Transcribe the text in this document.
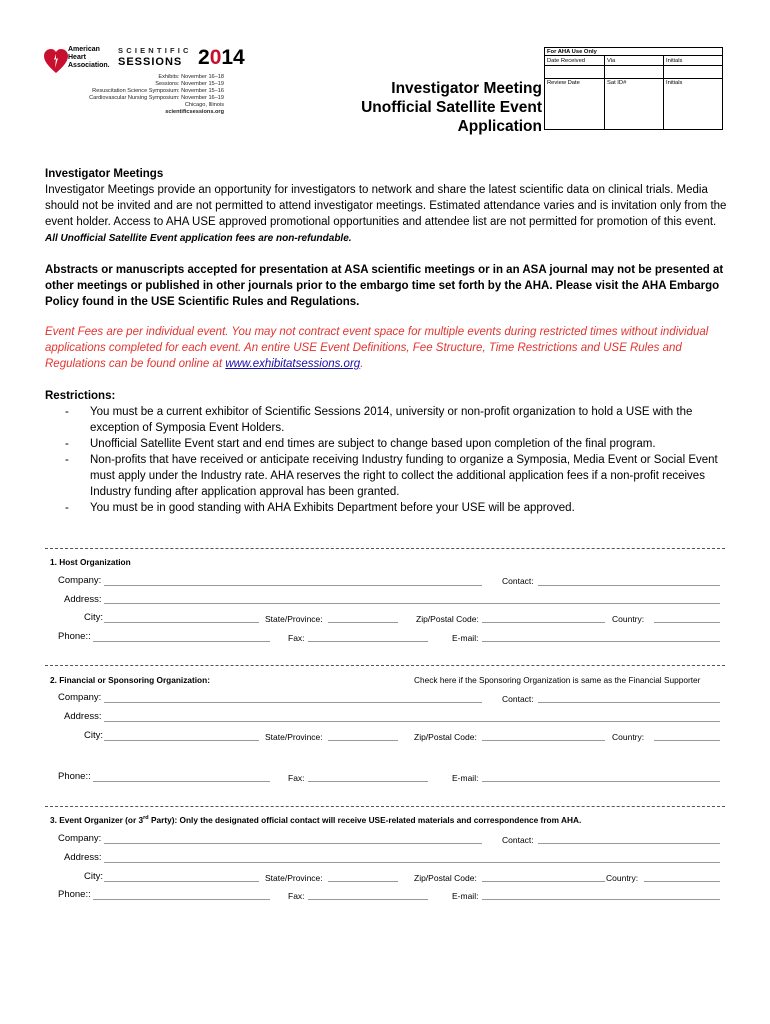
American
Heart
Association.
SCIENTIFIC
SESSIONS 2014
Exhibits: November 16–18
Sessions: November 15–19
Resuscitation Science Symposium: November 15–16
Cardiovascular Nursing Symposium: November 16–19
Chicago, Illinois
scientificsessions.org
Investigator Meeting
Unofficial Satellite Event
Application
For AHA Use Only
Date Received	Via	Initials
Review Date	Sat ID#	Initials
Investigator Meetings
Investigator Meetings provide an opportunity for investigators to network and share the latest scientific data on clinical trials. Media should not be invited and are not permitted to attend investigator meetings. Estimated attendance varies and is invitation only from the event holder. Access to AHA USE approved promotional opportunities and attendee list are not permitted for promotion of this event.  All Unofficial Satellite Event application fees are non-refundable.
Abstracts or manuscripts accepted for presentation at ASA scientific meetings or in an ASA journal may not be presented at other meetings or published in other journals prior to the embargo time set forth by the AHA. Please visit the AHA Embargo Policy found in the USE Scientific Rules and Regulations.
Event Fees are per individual event. You may not contract event space for multiple events during restricted times without individual applications completed for each event. An entire USE Event Definitions, Fee Structure, Time Restrictions and USE Rules and Regulations can be found online at www.exhibitatsessions.org.
Restrictions:
- You must be a current exhibitor of Scientific Sessions 2014, university or non-profit organization to hold a USE with the exception of Symposia Event Holders.
- Unofficial Satellite Event start and end times are subject to change based upon completion of the final program.
- Non-profits that have received or anticipate receiving Industry funding to organize a Symposia, Media Event or Social Event must apply under the Industry rate. AHA reserves the right to collect the additional application fees if a non-profit receives Industry funding after application approval has been granted.
- You must be in good standing with AHA Exhibits Department before your USE will be approved.
1. Host Organization
Company:	Contact:
Address:
City:	State/Province:	Zip/Postal Code:	Country:
Phone::	Fax:	E-mail:
2. Financial or Sponsoring Organization:	Check here if the Sponsoring Organization is same as the Financial Supporter
Company:	Contact:
Address:
City:	State/Province:	Zip/Postal Code:	Country:
Phone::	Fax:	E-mail:
3. Event Organizer (or 3rd Party): Only the designated official contact will receive USE-related materials and correspondence from AHA.
Company:	Contact:
Address:
City:	State/Province:	Zip/Postal Code:	Country:
Phone::	Fax:	E-mail:
